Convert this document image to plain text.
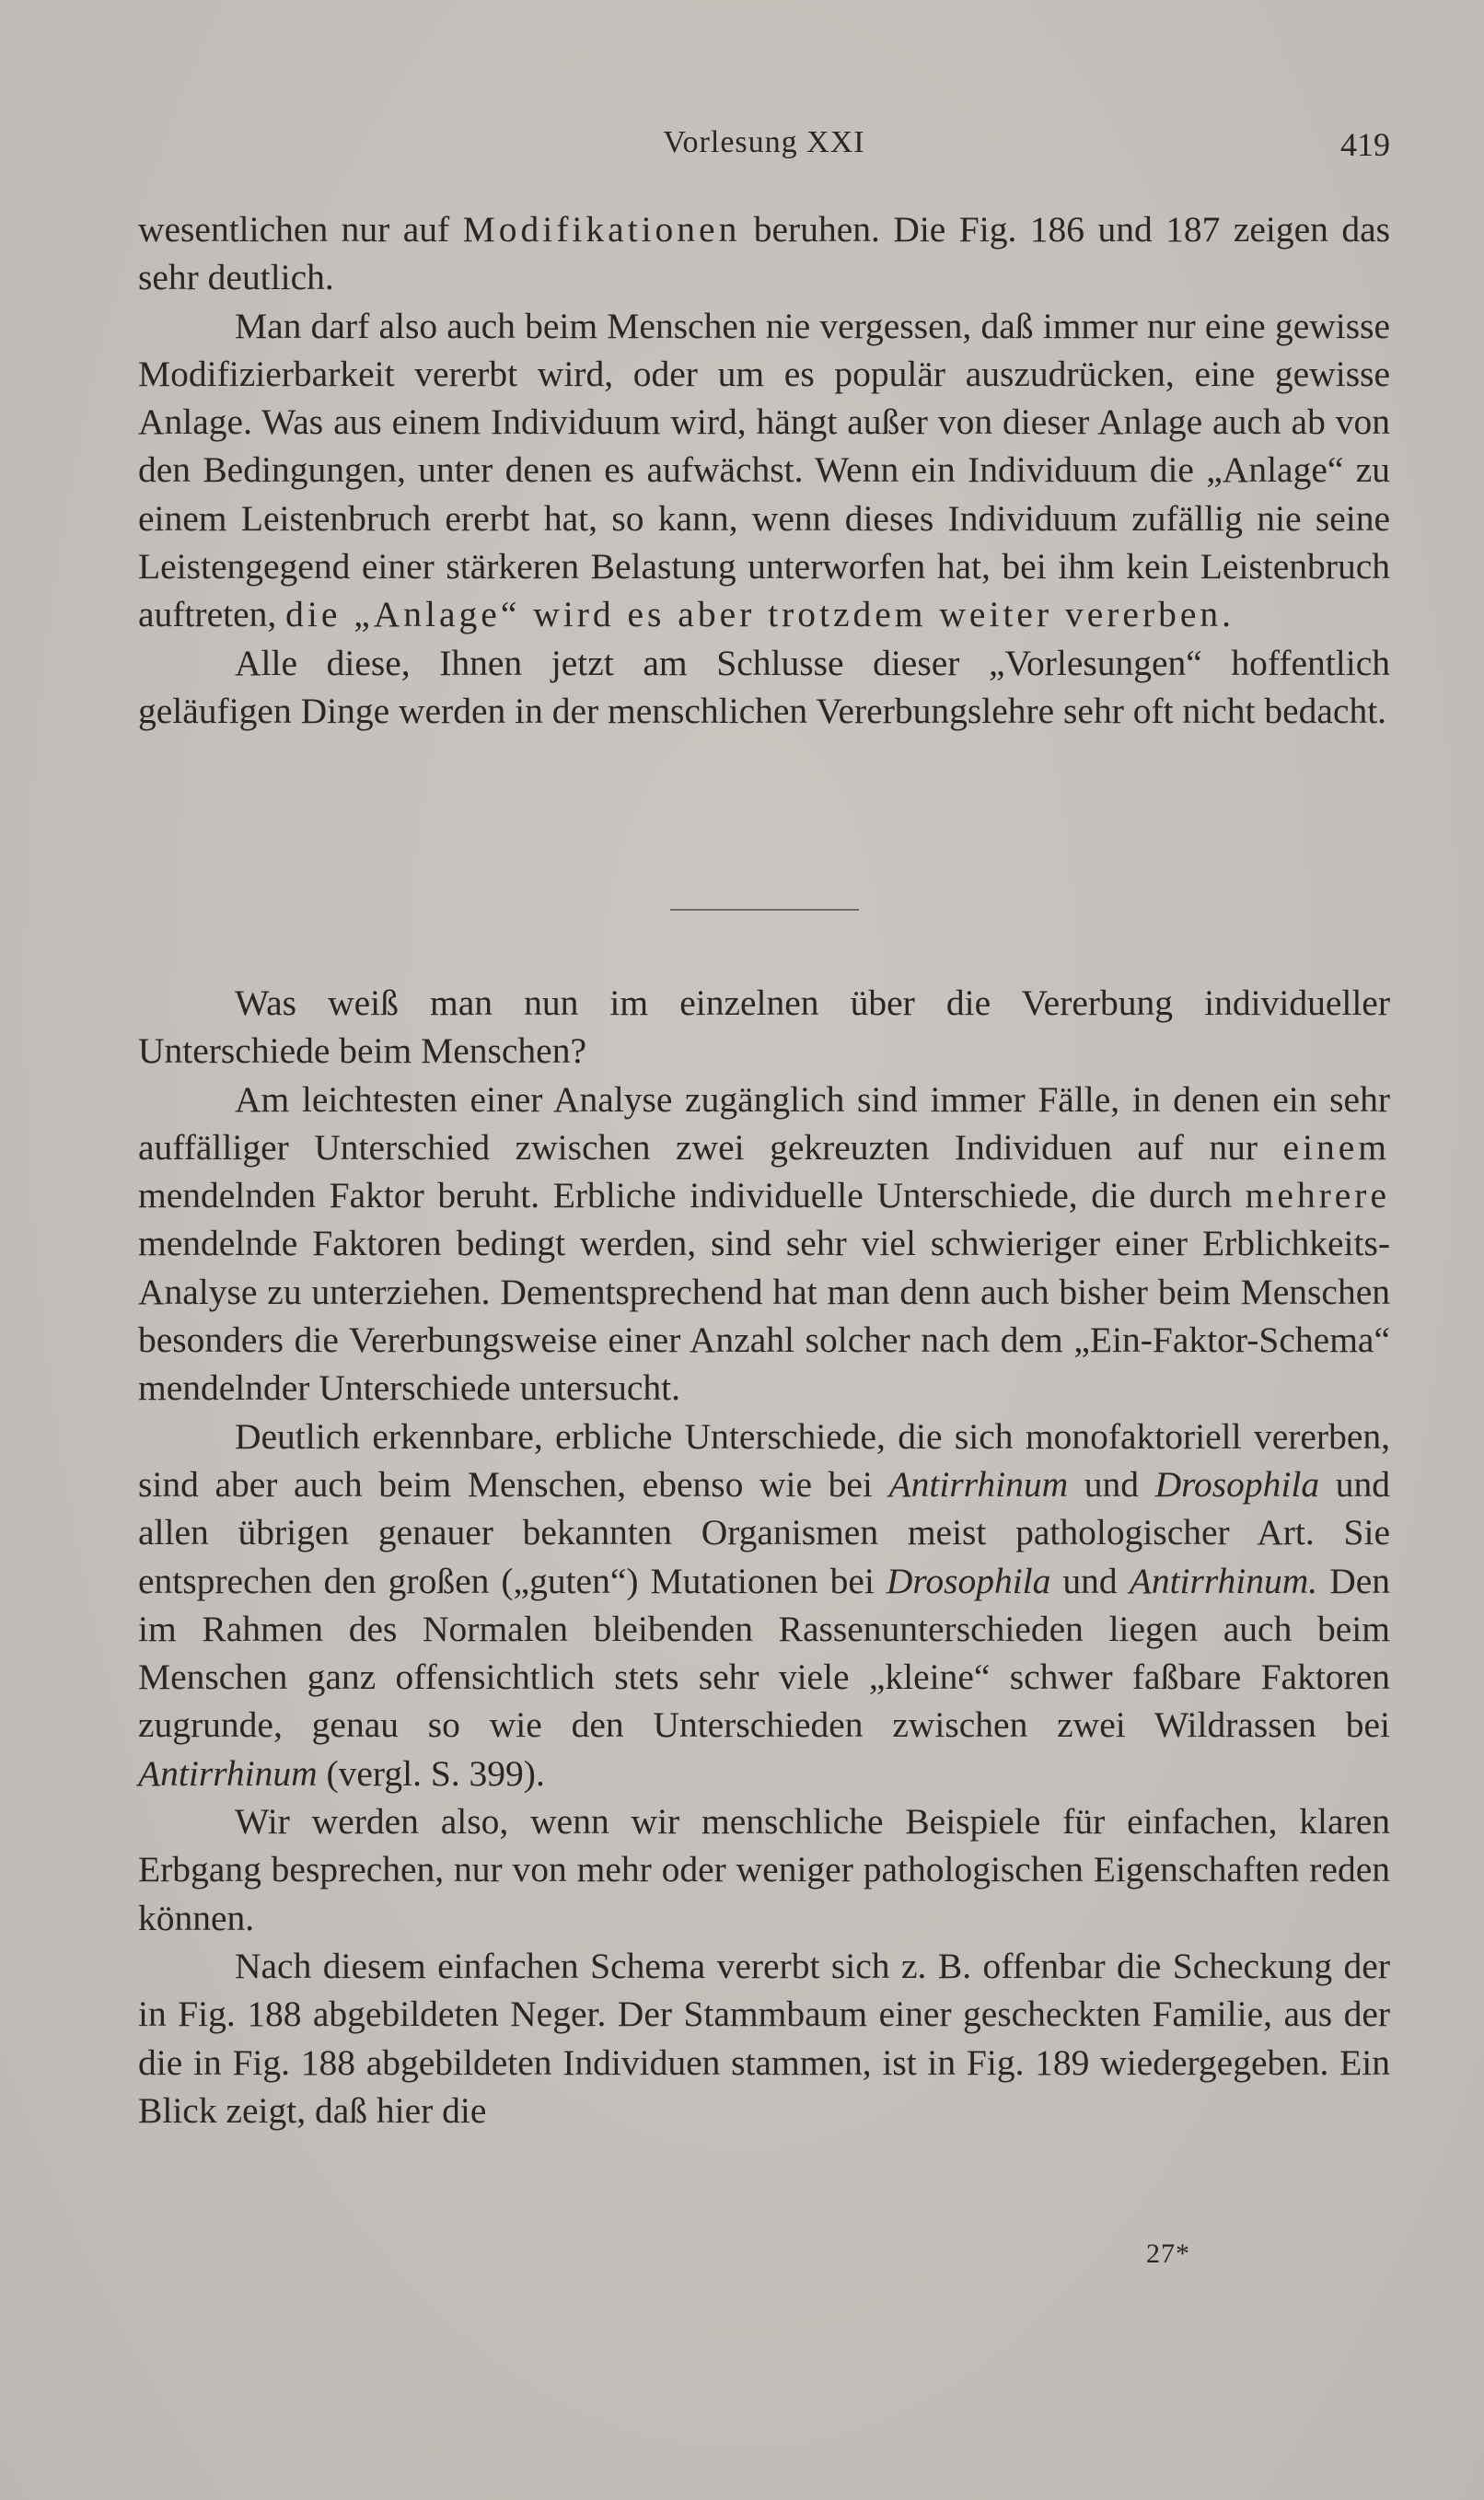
Vorlesung XXI	419

wesentlichen nur auf Modifikationen beruhen. Die Fig. 186 und 187 zeigen das sehr deutlich.

Man darf also auch beim Menschen nie vergessen, daß immer nur eine gewisse Modifizierbarkeit vererbt wird, oder um es populär auszudrücken, eine gewisse Anlage. Was aus einem Individuum wird, hängt außer von dieser Anlage auch ab von den Bedingungen, unter denen es aufwächst. Wenn ein Individuum die „Anlage“ zu einem Leistenbruch ererbt hat, so kann, wenn dieses Individuum zufällig nie seine Leistengegend einer stärkeren Belastung unterworfen hat, bei ihm kein Leistenbruch auftreten, die „Anlage“ wird es aber trotzdem weiter vererben.

Alle diese, Ihnen jetzt am Schlusse dieser „Vorlesungen“ hoffentlich geläufigen Dinge werden in der menschlichen Vererbungslehre sehr oft nicht bedacht.

Was weiß man nun im einzelnen über die Vererbung individueller Unterschiede beim Menschen?

Am leichtesten einer Analyse zugänglich sind immer Fälle, in denen ein sehr auffälliger Unterschied zwischen zwei gekreuzten Individuen auf nur einem mendelnden Faktor beruht. Erbliche individuelle Unterschiede, die durch mehrere mendelnde Faktoren bedingt werden, sind sehr viel schwieriger einer Erblichkeits-Analyse zu unterziehen. Dementsprechend hat man denn auch bisher beim Menschen besonders die Vererbungsweise einer Anzahl solcher nach dem „Ein-Faktor-Schema“ mendelnder Unterschiede untersucht.

Deutlich erkennbare, erbliche Unterschiede, die sich monofaktoriell vererben, sind aber auch beim Menschen, ebenso wie bei Antirrhinum und Drosophila und allen übrigen genauer bekannten Organismen meist pathologischer Art. Sie entsprechen den großen („guten“) Mutationen bei Drosophila und Antirrhinum. Den im Rahmen des Normalen bleibenden Rassenunterschieden liegen auch beim Menschen ganz offensichtlich stets sehr viele „kleine“ schwer faßbare Faktoren zugrunde, genau so wie den Unterschieden zwischen zwei Wildrassen bei Antirrhinum (vergl. S. 399).

Wir werden also, wenn wir menschliche Beispiele für einfachen, klaren Erbgang besprechen, nur von mehr oder weniger pathologischen Eigenschaften reden können.

Nach diesem einfachen Schema vererbt sich z. B. offenbar die Scheckung der in Fig. 188 abgebildeten Neger. Der Stammbaum einer gescheckten Familie, aus der die in Fig. 188 abgebildeten Individuen stammen, ist in Fig. 189 wiedergegeben. Ein Blick zeigt, daß hier die

27*
